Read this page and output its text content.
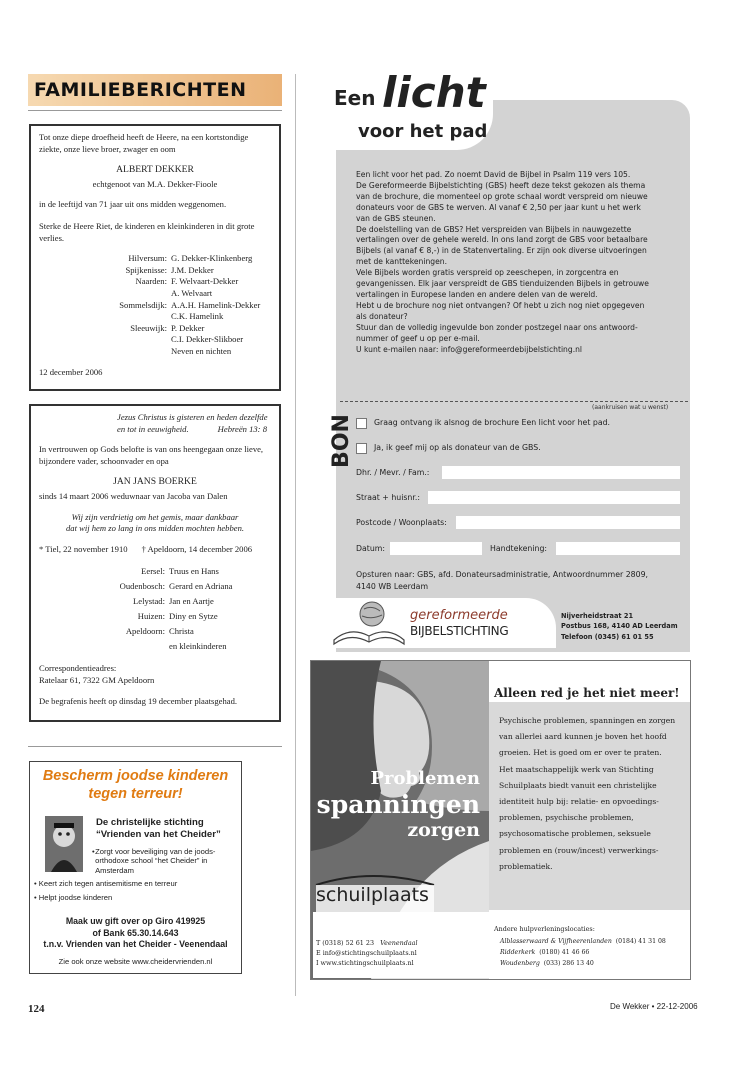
FAMILIEBERICHTEN

Tot onze diepe droefheid heeft de Heere, na een kortstondige ziekte, onze lieve broer, zwager en oom

ALBERT DEKKER

echtgenoot van M.A. Dekker-Fioole

in de leeftijd van 71 jaar uit ons midden weggenomen.

Sterke de Heere Riet, de kinderen en kleinkinderen in dit grote verlies.

Hilversum: G. Dekker-Klinkenberg
Spijkenisse: J.M. Dekker
Naarden: F. Welvaart-Dekker
A. Welvaart
Sommelsdijk: A.A.H. Hamelink-Dekker
C.K. Hamelink
Sleeuwijk: P. Dekker
C.I. Dekker-Slikboer
Neven en nichten

12 december 2006

Jezus Christus is gisteren en heden dezelfde

en tot in eeuwigheid.	Hebreën 13: 8

In vertrouwen op Gods belofte is van ons heengegaan onze lieve, bijzondere vader, schoonvader en opa

JAN JANS BOERKE

sinds 14 maart 2006 weduwnaar van Jacoba van Dalen

Wij zijn verdrietig om het gemis, maar dankbaar

dat wij hem zo lang in ons midden mochten hebben.

* Tiel, 22 november 1910 † Apeldoorn, 14 december 2006

Eersel: Truus en Hans
Oudenbosch: Gerard en Adriana
Lelystad: Jan en Aartje
Huizen: Diny en Sytze
Apeldoorn: Christa
en kleinkinderen

Correspondentieadres:

Ratelaar 61, 7322 GM Apeldoorn

De begrafenis heeft op dinsdag 19 december plaatsgehad.

Bescherm joodse kinderen
tegen terreur!
De christelijke stichting
“Vrienden van het Cheider”
• Zorgt voor beveiliging van de joods-orthodoxe school “het Cheider” in Amsterdam
• Keert zich tegen antisemitisme en terreur
• Helpt joodse kinderen
Maak uw gift over op Giro 419925
of Bank 65.30.14.643
t.n.v. Vrienden van het Cheider - Veenendaal
Zie ook onze website www.cheidervrienden.nl
Een licht
voor het pad
Een licht voor het pad. Zo noemt David de Bijbel in Psalm 119 vers 105.
De Gereformeerde Bijbelstichting (GBS) heeft deze tekst gekozen als thema
van de brochure, die momenteel op grote schaal wordt verspreid om nieuwe
donateurs voor de GBS te werven. Al vanaf € 2,50 per jaar kunt u het werk
van de GBS steunen.
De doelstelling van de GBS? Het verspreiden van Bijbels in nauwgezette
vertalingen over de gehele wereld. In ons land zorgt de GBS voor betaalbare
Bijbels (al vanaf € 8,-) in de Statenvertaling. Er zijn ook diverse uitvoeringen
met de kanttekeningen.
Vele Bijbels worden gratis verspreid op zeeschepen, in zorgcentra en
gevangenissen. Elk jaar verspreidt de GBS tienduizenden Bijbels in getrouwe
vertalingen in Europese landen en andere delen van de wereld.
Hebt u de brochure nog niet ontvangen? Of hebt u zich nog niet opgegeven
als donateur?
Stuur dan de volledig ingevulde bon zonder postzegel naar ons antwoord-
nummer of geef u op per e-mail.
U kunt e-mailen naar: info@gereformeerdebijbelstichting.nl
BON
(aankruisen wat u wenst)
Graag ontvang ik alsnog de brochure Een licht voor het pad.
Ja, ik geef mij op als donateur van de GBS.
Dhr. / Mevr. / Fam.:
Straat + huisnr.:
Postcode / Woonplaats:
Datum:	Handtekening:
Opsturen naar: GBS, afd. Donateursadministratie, Antwoordnummer 2809,
4140 WB Leerdam
gereformeerde
BIJBELSTICHTING
Nijverheidstraat 21
Postbus 168, 4140 AD Leerdam
Telefoon (0345) 61 01 55
Alleen red je het niet meer!
Psychische problemen, spanningen en zorgen
van allerlei aard kunnen je boven het hoofd
groeien. Het is goed om er over te praten.
Het maatschappelijk werk van Stichting
Schuilplaats biedt vanuit een christelijke
identiteit hulp bij: relatie- en opvoedings-
problemen, psychische problemen,
psychosomatische problemen, seksuele
problemen en (rouw/incest) verwerkings-
problematiek.
Problemen
spanningen
zorgen
schuilplaats
T (0318) 52 61 23 Veenendaal
E info@stichtingschuilplaats.nl
I www.stichtingschuilplaats.nl
Andere hulpverleningslocaties:
Alblasserwaard & Vijfheerenlanden (0184) 41 31 08
Ridderkerk (0180) 41 46 66
Woudenberg (033) 286 13 40
124	De Wekker • 22-12-2006
